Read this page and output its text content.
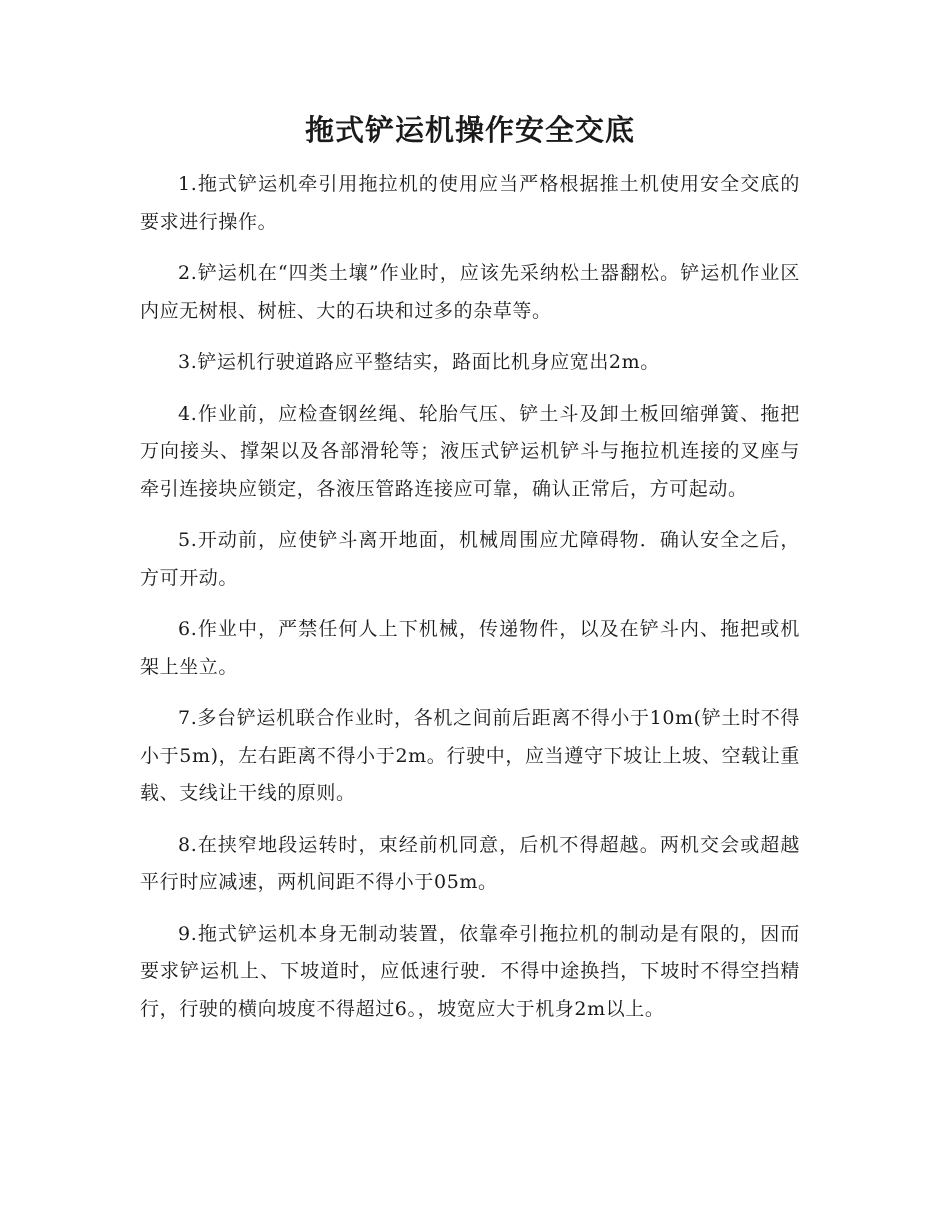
拖式铲运机操作安全交底

1.拖式铲运机牵引用拖拉机的使用应当严格根据推土机使用安全交底的要求进行操作。

2.铲运机在“四类土壤”作业时，应该先采纳松土器翻松。铲运机作业区内应无树根、树桩、大的石块和过多的杂草等。

3.铲运机行驶道路应平整结实，路面比机身应宽出2m。

4.作业前，应检查钢丝绳、轮胎气压、铲土斗及卸土板回缩弹簧、拖把万向接头、撑架以及各部滑轮等；液压式铲运机铲斗与拖拉机连接的叉座与牵引连接块应锁定，各液压管路连接应可靠，确认正常后，方可起动。

5.开动前，应使铲斗离开地面，机械周围应尤障碍物．确认安全之后，方可开动。

6.作业中，严禁任何人上下机械，传递物件，以及在铲斗内、拖把或机架上坐立。

7.多台铲运机联合作业时，各机之间前后距离不得小于10m(铲土时不得小于5m)，左右距离不得小于2m。行驶中，应当遵守下坡让上坡、空载让重载、支线让干线的原则。

8.在挟窄地段运转时，束经前机同意，后机不得超越。两机交会或超越平行时应减速，两机间距不得小于05m。

9.拖式铲运机本身无制动装置，依靠牵引拖拉机的制动是有限的，因而要求铲运机上、下坡道时，应低速行驶．不得中途换挡，下坡时不得空挡精行，行驶的横向坡度不得超过6。，坡宽应大于机身2m以上。
